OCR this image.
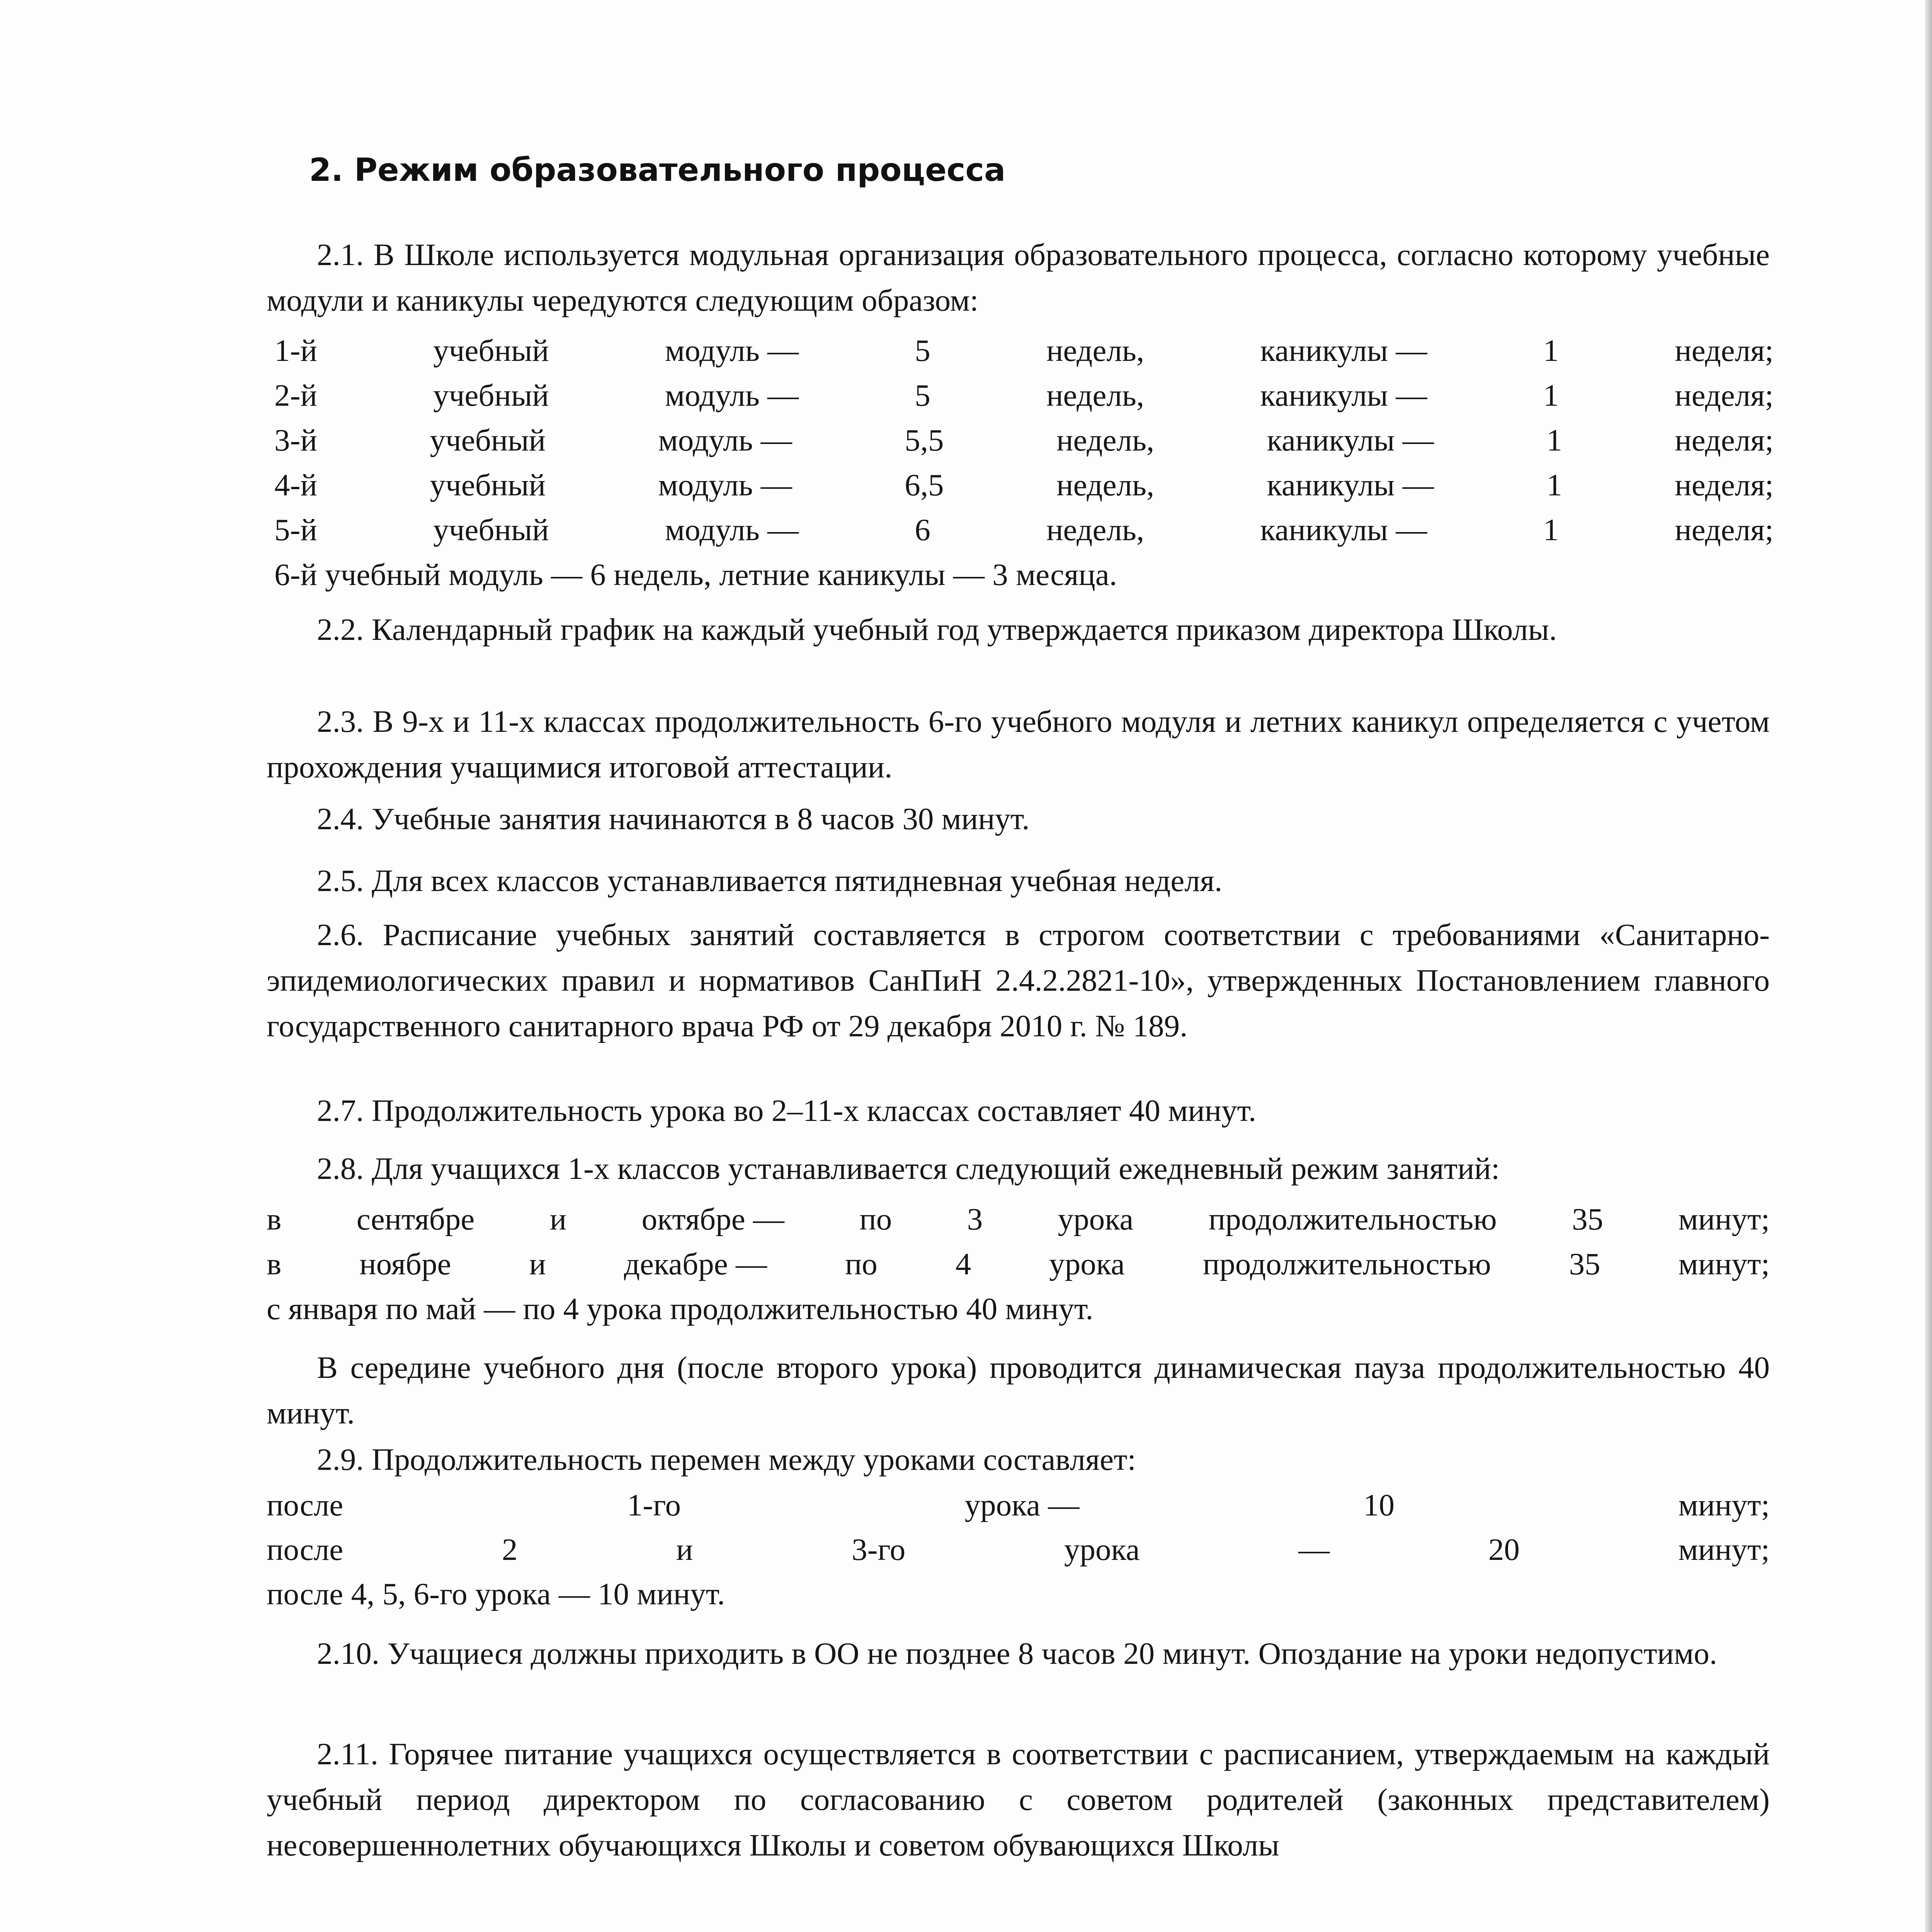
2. Режим образовательного процесса
2.1. В Школе используется модульная организация образовательного процесса, согласно которому учебные модули и каникулы чередуются следующим образом:
1-й	учебный	модуль —	5	недель,	каникулы —	1	неделя;
2-й	учебный	модуль —	5	недель,	каникулы —	1	неделя;
3-й	учебный	модуль —	5,5	недель,	каникулы —	1	неделя;
4-й	учебный	модуль —	6,5	недель,	каникулы —	1	неделя;
5-й	учебный	модуль —	6	недель,	каникулы —	1	неделя;
6-й учебный модуль — 6 недель, летние каникулы — 3 месяца.
2.2. Календарный график на каждый учебный год утверждается приказом директора Школы.
2.3. В 9-х и 11-х классах продолжительность 6-го учебного модуля и летних каникул определяется с учетом прохождения учащимися итоговой аттестации.
2.4. Учебные занятия начинаются в 8 часов 30 минут.
2.5. Для всех классов устанавливается пятидневная учебная неделя.
2.6. Расписание учебных занятий составляется в строгом соответствии с требованиями «Санитарно-эпидемиологических правил и нормативов СанПиН 2.4.2.2821-10», утвержденных Постановлением главного государственного санитарного врача РФ от 29 декабря 2010 г. № 189.
2.7. Продолжительность урока во 2–11-х классах составляет 40 минут.
2.8. Для учащихся 1-х классов устанавливается следующий ежедневный режим занятий:
в сентябре и октябре — по 3 урока продолжительностью 35 минут;
в ноябре и декабре — по 4 урока продолжительностью 35 минут;
с января по май — по 4 урока продолжительностью 40 минут.
В середине учебного дня (после второго урока) проводится динамическая пауза продолжительностью 40 минут.
2.9. Продолжительность перемен между уроками составляет:
после	1-го	урока —	10	минут;
после	2	и	3-го	урока	—	20	минут;
после 4, 5, 6-го урока — 10 минут.
2.10. Учащиеся должны приходить в ОО не позднее 8 часов 20 минут. Опоздание на уроки недопустимо.
2.11. Горячее питание учащихся осуществляется в соответствии с расписанием, утверждаемым на каждый учебный период директором по согласованию с советом родителей (законных представителем) несовершеннолетних обучающихся Школы и советом обувающихся Школы
